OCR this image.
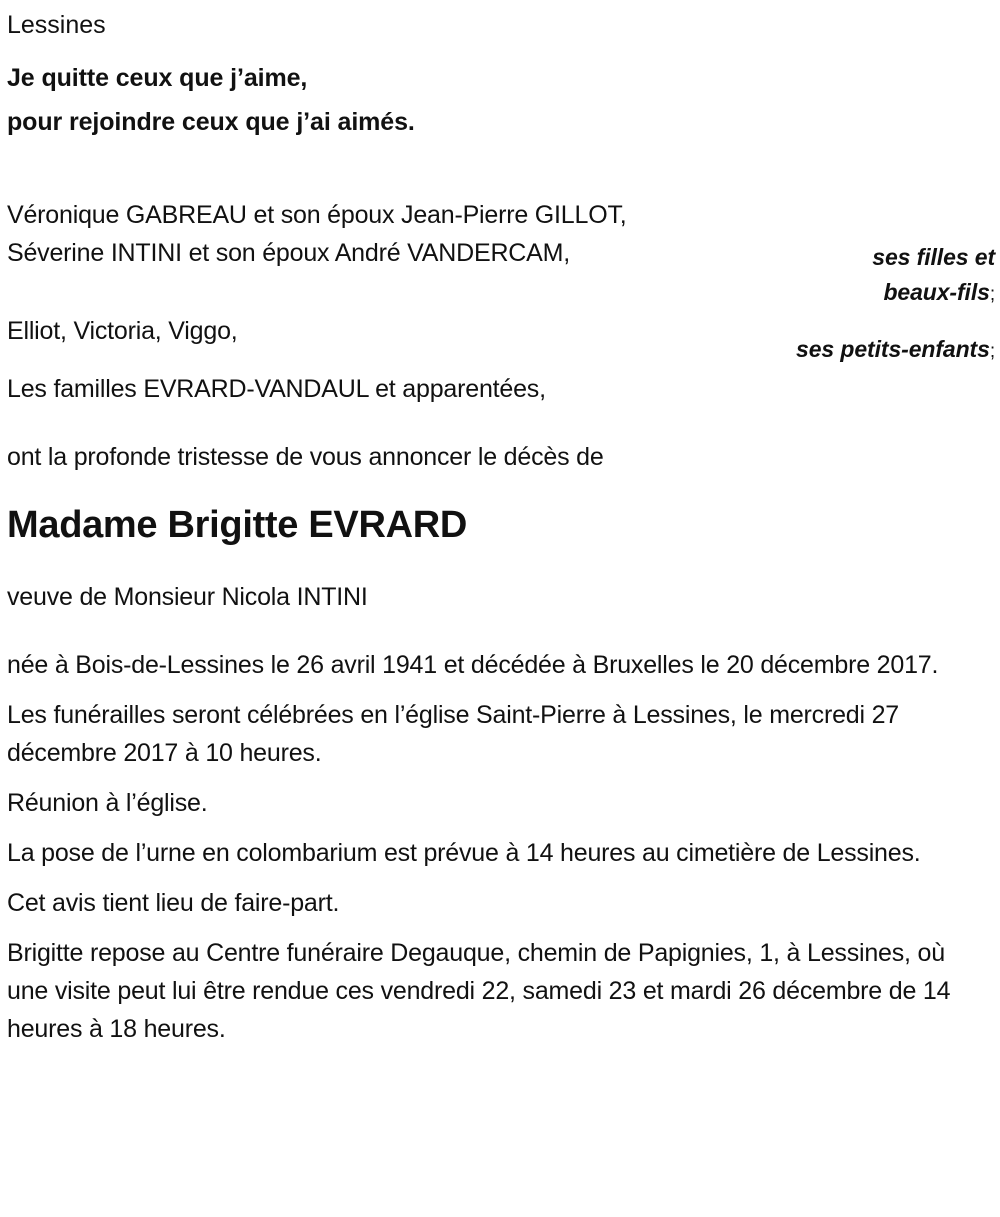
Lessines
Je quitte ceux que j’aime,
pour rejoindre ceux que j’ai aimés.
Véronique GABREAU et son époux Jean-Pierre GILLOT,
Séverine INTINI et son époux André VANDERCAM,	ses filles et
beaux-fils;
Elliot, Victoria, Viggo,
ses petits-enfants;
Les familles EVRARD-VANDAUL et apparentées,
ont la profonde tristesse de vous annoncer le décès de
Madame Brigitte EVRARD
veuve de Monsieur Nicola INTINI
née à Bois-de-Lessines le 26 avril 1941 et décédée à Bruxelles le 20 décembre 2017.
Les funérailles seront célébrées en l’église Saint-Pierre à Lessines, le mercredi 27 décembre 2017 à 10 heures.
Réunion à l’église.
La pose de l’urne en colombarium est prévue à 14 heures au cimetière de Lessines.
Cet avis tient lieu de faire-part.
Brigitte repose au Centre funéraire Degauque, chemin de Papignies, 1, à Lessines, où une visite peut lui être rendue ces vendredi 22, samedi 23 et mardi 26 décembre de 14 heures à 18 heures.
